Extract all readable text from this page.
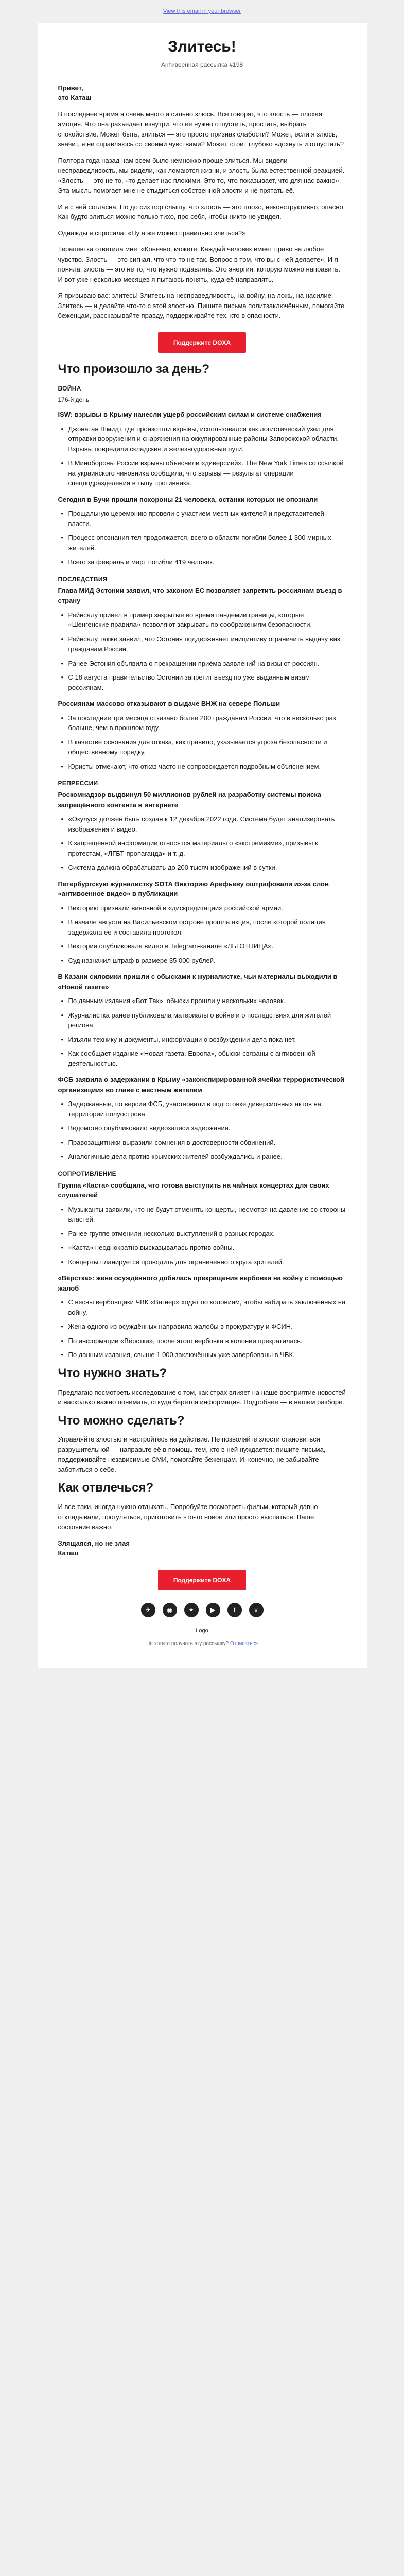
View this email in your browser
Злитесь!
Антивоенная рассылка #198

Привет,
это Каташ

В последнее время я очень много и сильно злюсь. Все говорят, что злость — плохая эмоция. Что она разъедает изнутри, что её нужно отпустить, простить, выбрать спокойствие. Может быть, злиться — это просто признак слабости? Может, если я злюсь, значит, я не справляюсь со своими чувствами? Может, стоит глубоко вдохнуть и отпустить?

Полтора года назад нам всем было немножко проще злиться. Мы видели несправедливость, мы видели, как ломаются жизни, и злость была естественной реакцией. «Злость — это не то, что делает нас плохими. Это то, что показывает, что для нас важно». Эта мысль помогает мне не стыдиться собственной злости и не прятать её.

И я с ней согласна. Но до сих пор слышу, что злость — это плохо, неконструктивно, опасно. Как будто злиться можно только тихо, про себя, чтобы никто не увидел.

Однажды я спросила: «Ну а же можно правильно злиться?»

Терапевтка ответила мне: «Конечно, можете. Каждый человек имеет право на любое чувство. Злость — это сигнал, что что-то не так. Вопрос в том, что вы с ней делаете». И я поняла: злость — это не то, что нужно подавлять. Это энергия, которую можно направить. И вот уже несколько месяцев я пытаюсь понять, куда её направлять.

Я призываю вас: злитесь! Злитесь на несправедливость, на войну, на ложь, на насилие. Злитесь — и делайте что-то с этой злостью. Пишите письма политзаключённым, помогайте беженцам, рассказывайте правду, поддерживайте тех, кто в опасности.

Поддержите DOXA
Что произошло за день?
ВОЙНА
176-й день
ISW: взрывы в Крыму нанесли ущерб российским силам и системе снабжения
• Джонатан Шмидт, где произошли взрывы, использовался как логистический узел для отправки вооружения и снаряжения на оккупированные районы Запорожской области. Взрывы повредили складские и железнодорожные пути.
• В Минобороны России взрывы объяснили «диверсией». The New York Times со ссылкой на украинского чиновника сообщила, что взрывы — результат операции спецподразделения в тылу противника.
Сегодня в Бучи прошли похороны 21 человека, останки которых не опознали
• Прощальную церемонию провели с участием местных жителей и представителей власти.
• Процесс опознания тел продолжается, всего в области погибли более 1 300 мирных жителей.
• Всего за февраль и март погибли 419 человек.
ПОСЛЕДСТВИЯ
Глава МИД Эстонии заявил, что законом ЕС позволяет запретить россиянам въезд в страну
• Рейнсалу привёл в пример закрытые во время пандемии границы, которые «Шенгенские правила» позволяют закрывать по соображениям безопасности.
• Рейнсалу также заявил, что Эстония поддерживает инициативу ограничить выдачу виз гражданам России.
• Ранее Эстония объявила о прекращении приёма заявлений на визы от россиян.
• С 18 августа правительство Эстонии запретит въезд по уже выданным визам россиянам.
Россиянам массово отказывают в выдаче ВНЖ на севере Польши
• За последние три месяца отказано более 200 гражданам России, что в несколько раз больше, чем в прошлом году.
• В качестве основания для отказа, как правило, указывается угроза безопасности и общественному порядку.
• Юристы отмечают, что отказ часто не сопровождается подробным объяснением.
РЕПРЕССИИ
Роскомнадзор выдвинул 50 миллионов рублей на разработку системы поиска запрещённого контента в интернете
• «Окулус» должен быть создан к 12 декабря 2022 года. Система будет анализировать изображения и видео.
• К запрещённой информации относятся материалы о «экстремизме», призывы к протестам, «ЛГБТ-пропаганда» и т. д.
• Система должна обрабатывать до 200 тысяч изображений в сутки.
Петербургскую журналистку SOTA Викторию Арефьеву оштрафовали из-за слов «антивоенное видео» в публикации
• Викторию признали виновной в «дискредитации» российской армии.
• В начале августа на Васильевском острове прошла акция, после которой полиция задержала её и составила протокол.
• Виктория опубликовала видео в Telegram-канале «ЛЬГОТНИЦА».
• Суд назначил штраф в размере 35 000 рублей.
В Казани силовики пришли с обысками к журналистке, чьи материалы выходили в «Новой газете»
• По данным издания «Вот Так», обыски прошли у нескольких человек.
• Журналистка ранее публиковала материалы о войне и о последствиях для жителей региона.
• Изъяли технику и документы, информации о возбуждении дела пока нет.
• Как сообщает издание «Новая газета. Европа», обыски связаны с антивоенной деятельностью.
ФСБ заявила о задержании в Крыму «законспирированной ячейки террористической организации» во главе с местным жителем
• Задержанные, по версии ФСБ, участвовали в подготовке диверсионных актов на территории полуострова.
• Ведомство опубликовало видеозаписи задержания.
• Правозащитники выразили сомнения в достоверности обвинений.
• Аналогичные дела против крымских жителей возбуждались и ранее.
СОПРОТИВЛЕНИЕ
Группа «Каста» сообщила, что готова выступить на чайных концертах для своих слушателей
• Музыканты заявили, что не будут отменять концерты, несмотря на давление со стороны властей.
• Ранее группе отменили несколько выступлений в разных городах.
• «Каста» неоднократно высказывалась против войны.
• Концерты планируется проводить для ограниченного круга зрителей.
«Вёрстка»: жена осуждённого добилась прекращения вербовки на войну с помощью жалоб
• С весны вербовщики ЧВК «Вагнер» ходят по колониям, чтобы набирать заключённых на войну.
• Жена одного из осуждённых направила жалобы в прокуратуру и ФСИН.
• По информации «Вёрстки», после этого вербовка в колонии прекратилась.
• По данным издания, свыше 1 000 заключённых уже завербованы в ЧВК.
Что нужно знать?

Предлагаю посмотреть исследование о том, как страх влияет на наше восприятие новостей и насколько важно понимать, откуда берётся информация. Подробнее — в нашем разборе.

Что можно сделать?

Управляйте злостью и настройтесь на действие. Не позволяйте злости становиться разрушительной — направьте её в помощь тем, кто в ней нуждается: пишите письма, поддерживайте независимые СМИ, помогайте беженцам. И, конечно, не забывайте заботиться о себе.

Как отвлечься?

И все-таки, иногда нужно отдыхать. Попробуйте посмотреть фильм, который давно откладывали, прогуляться, приготовить что-то новое или просто выспаться. Ваше состояние важно.

Злящаяся, но не злая
Каташ

Поддержите DOXA
✈	◉	✦	▶	f	v
Logo
Не хотите получать эту рассылку? Отписаться
